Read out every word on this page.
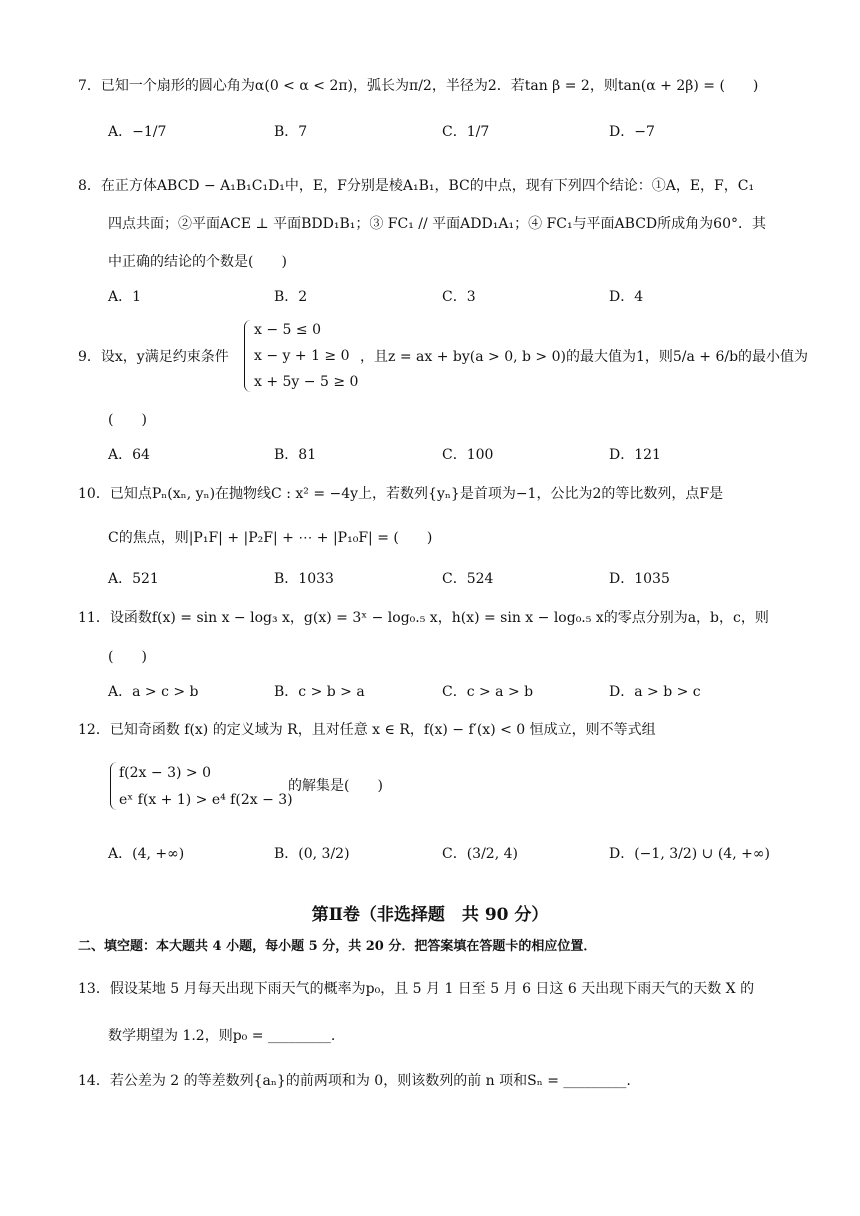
7．已知一个扇形的圆心角为α(0 < α < 2π)，弧长为π/2，半径为2．若tan β = 2，则tan(α + 2β) = (　　)
A．−1/7	B．7	C．1/7	D．−7
8．在正方体ABCD − A₁B₁C₁D₁中，E，F分别是棱A₁B₁，BC的中点，现有下列四个结论：①A，E，F，C₁
四点共面；②平面ACE ⊥ 平面BDD₁B₁；③ FC₁ // 平面ADD₁A₁；④ FC₁与平面ABCD所成角为60°．其
中正确的结论的个数是(　　)
A．1	B．2	C．3	D．4
9．设x，y满足约束条件
x − 5 ≤ 0
x − y + 1 ≥ 0
x + 5y − 5 ≥ 0
，且z = ax + by(a > 0, b > 0)的最大值为1，则5/a + 6/b的最小值为
(　　)
A．64	B．81	C．100	D．121
10．已知点Pₙ(xₙ, yₙ)在抛物线C : x² = −4y上，若数列{yₙ}是首项为−1，公比为2的等比数列，点F是
C的焦点，则|P₁F| + |P₂F| + ⋯ + |P₁₀F| = (　　)
A．521	B．1033	C．524	D．1035
11．设函数f(x) = sin x − log₃ x，g(x) = 3ˣ − log₀.₅ x，h(x) = sin x − log₀.₅ x的零点分别为a，b，c，则
(　　)
A．a > c > b	B．c > b > a	C．c > a > b	D．a > b > c
12．已知奇函数 f(x) 的定义域为 R，且对任意 x ∈ R，f(x) − f′(x) < 0 恒成立，则不等式组
f(2x − 3) > 0
eˣ f(x + 1) > e⁴ f(2x − 3)
的解集是(　　)
A．(4, +∞)	B．(0, 3/2)	C．(3/2, 4)	D．(−1, 3/2) ∪ (4, +∞)
第Ⅱ卷（非选择题　共 90 分）
二、填空题：本大题共 4 小题，每小题 5 分，共 20 分．把答案填在答题卡的相应位置．
13．假设某地 5 月每天出现下雨天气的概率为p₀，且 5 月 1 日至 5 月 6 日这 6 天出现下雨天气的天数 X 的
数学期望为 1.2，则p₀ = _________.
14．若公差为 2 的等差数列{aₙ}的前两项和为 0，则该数列的前 n 项和Sₙ = _________.
